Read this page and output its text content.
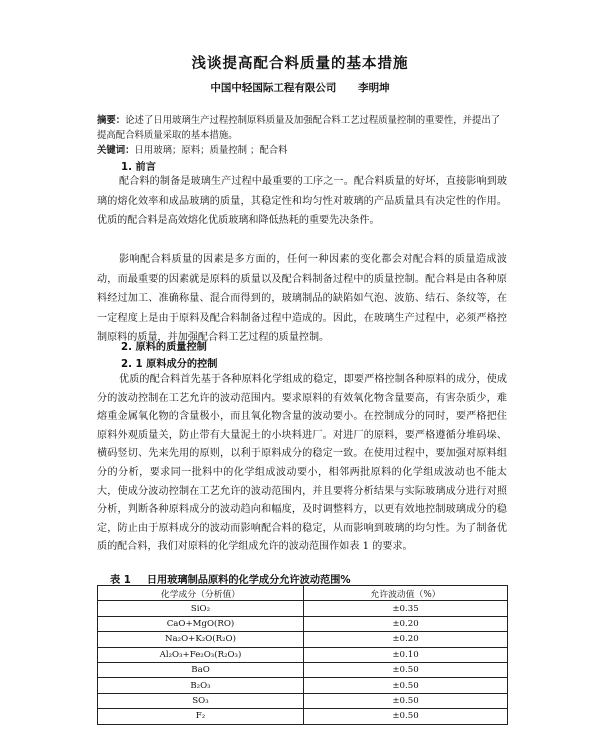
浅谈提高配合料质量的基本措施
中国中轻国际工程有限公司 李明坤
摘要：论述了日用玻璃生产过程控制原料质量及加强配合料工艺过程质量控制的重要性，并提出了提高配合料质量采取的基本措施。
关键词：日用玻璃；原料；质量控制 ；配合料
1. 前言
配合料的制备是玻璃生产过程中最重要的工序之一。配合料质量的好坏，直接影响到玻璃的熔化效率和成品玻璃的质量，其稳定性和均匀性对玻璃的产品质量具有决定性的作用。优质的配合料是高效熔化优质玻璃和降低热耗的重要先决条件。
影响配合料质量的因素是多方面的，任何一种因素的变化都会对配合料的质量造成波动，而最重要的因素就是原料的质量以及配合料制备过程中的质量控制。配合料是由各种原料经过加工、准确称量、混合而得到的，玻璃制品的缺陷如气泡、波筋、结石、条纹等，在一定程度上是由于原料及配合料制备过程中造成的。因此，在玻璃生产过程中，必须严格控制原料的质量，并加强配合料工艺过程的质量控制。
2. 原料的质量控制
2. 1 原料成分的控制
优质的配合料首先基于各种原料化学组成的稳定，即要严格控制各种原料的成分，使成分的波动控制在工艺允许的波动范围内。要求原料的有效氧化物含量要高，有害杂质少，难熔重金属氧化物的含量极小，而且氧化物含量的波动要小。在控制成分的同时，要严格把住原料外观质量关，防止带有大量泥土的小块料进厂。对进厂的原料，要严格遵循分堆码垛、横码竖切、先来先用的原则，以利于原料成分的稳定一致。在使用过程中，要加强对原料组分的分析，要求同一批料中的化学组成波动要小，相邻两批原料的化学组成波动也不能太大，使成分波动控制在工艺允许的波动范围内，并且要将分析结果与实际玻璃成分进行对照分析，判断各种原料成分的波动趋向和幅度，及时调整料方，以更有效地控制玻璃成分的稳定，防止由于原料成分的波动而影响配合料的稳定，从而影响到玻璃的均匀性。为了制备优质的配合料，我们对原料的化学组成允许的波动范围作如表 1 的要求。
表 1 日用玻璃制品原料的化学成分允许波动范围%
化学成分（分析值）	允许波动值（%）
SiO₂	±0.35
CaO+MgO(RO)	±0.20
Na₂O+K₂O(R₂O)	±0.20
Al₂O₃+Fe₂O₃(R₂O₃)	±0.10
BaO	±0.50
B₂O₃	±0.50
SO₃	±0.50
F₂	±0.50
